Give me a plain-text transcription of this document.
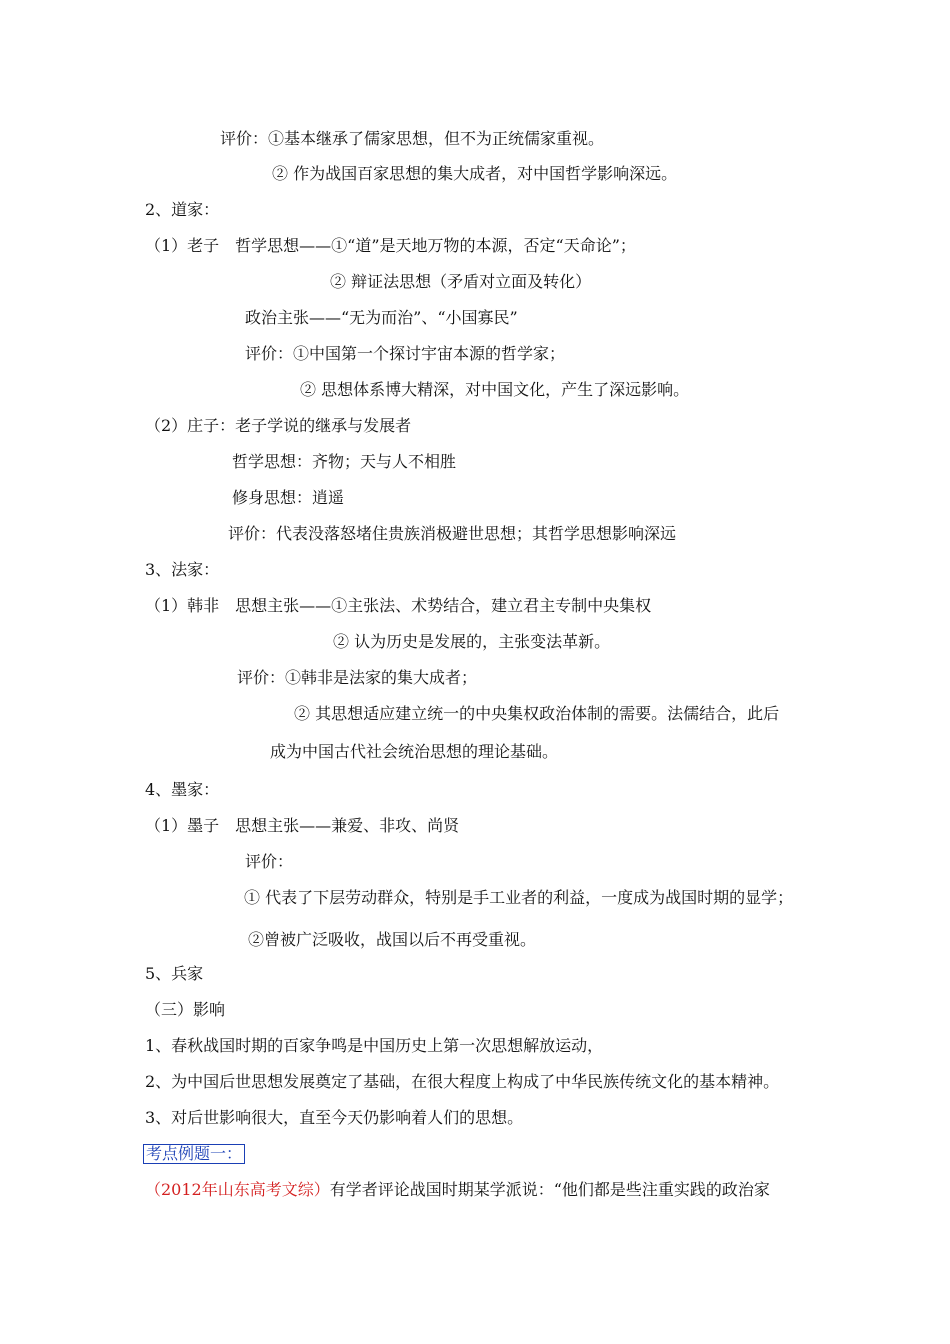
评价：①基本继承了儒家思想，但不为正统儒家重视。
② 作为战国百家思想的集大成者，对中国哲学影响深远。
2、道家：
（1）老子　哲学思想——①“道”是天地万物的本源，否定“天命论”；
② 辩证法思想（矛盾对立面及转化）
政治主张——“无为而治”、“小国寡民”
评价：①中国第一个探讨宇宙本源的哲学家；
② 思想体系博大精深，对中国文化，产生了深远影响。
（2）庄子：老子学说的继承与发展者
哲学思想：齐物；天与人不相胜
修身思想：逍遥
评价：代表没落怒堵住贵族消极避世思想；其哲学思想影响深远
3、法家：
（1）韩非　思想主张——①主张法、术势结合，建立君主专制中央集权
② 认为历史是发展的，主张变法革新。
评价：①韩非是法家的集大成者；
② 其思想适应建立统一的中央集权政治体制的需要。法儒结合，此后
成为中国古代社会统治思想的理论基础。
4、墨家：
（1）墨子　思想主张——兼爱、非攻、尚贤
评价：
① 代表了下层劳动群众，特别是手工业者的利益，一度成为战国时期的显学；
②曾被广泛吸收，战国以后不再受重视。
5、兵家
（三）影响
1、春秋战国时期的百家争鸣是中国历史上第一次思想解放运动，
2、为中国后世思想发展奠定了基础，在很大程度上构成了中华民族传统文化的基本精神。
3、对后世影响很大，直至今天仍影响着人们的思想。
考点例题一：
（2012年山东高考文综）有学者评论战国时期某学派说：“他们都是些注重实践的政治家
